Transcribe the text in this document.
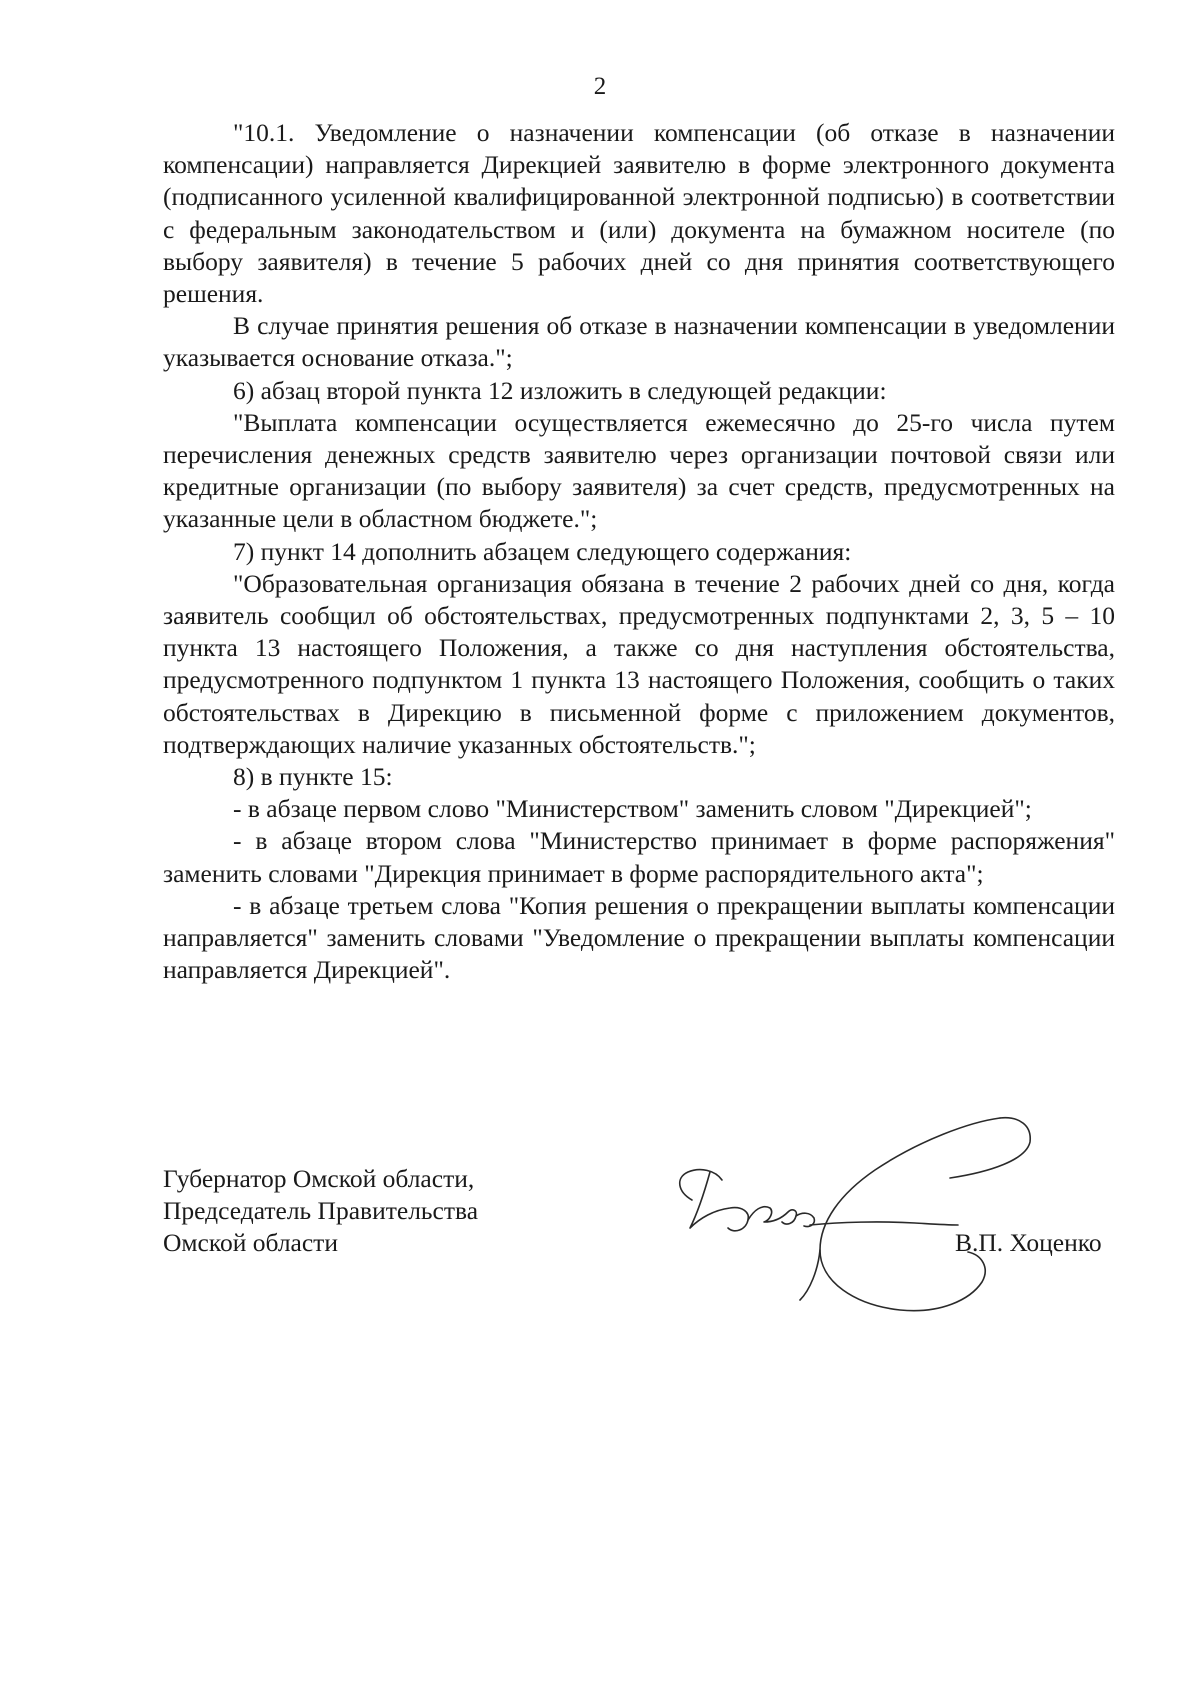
2

"10.1. Уведомление о назначении компенсации (об отказе в назначении компенсации) направляется Дирекцией заявителю в форме электронного документа (подписанного усиленной квалифицированной электронной подписью) в соответствии с федеральным законодательством и (или) документа на бумажном носителе (по выбору заявителя) в течение 5 рабочих дней со дня принятия соответствующего решения.

В случае принятия решения об отказе в назначении компенсации в уведомлении указывается основание отказа.";

6) абзац второй пункта 12 изложить в следующей редакции:

"Выплата компенсации осуществляется ежемесячно до 25-го числа путем перечисления денежных средств заявителю через организации почтовой связи или кредитные организации (по выбору заявителя) за счет средств, предусмотренных на указанные цели в областном бюджете.";

7) пункт 14 дополнить абзацем следующего содержания:

"Образовательная организация обязана в течение 2 рабочих дней со дня, когда заявитель сообщил об обстоятельствах, предусмотренных подпунктами 2, 3, 5 – 10 пункта 13 настоящего Положения, а также со дня наступления обстоятельства, предусмотренного подпунктом 1 пункта 13 настоящего Положения, сообщить о таких обстоятельствах в Дирекцию в письменной форме с приложением документов, подтверждающих наличие указанных обстоятельств.";

8) в пункте 15:

- в абзаце первом слово "Министерством" заменить словом "Дирекцией";

- в абзаце втором слова "Министерство принимает в форме распоряжения" заменить словами "Дирекция принимает в форме распорядительного акта";

- в абзаце третьем слова "Копия решения о прекращении выплаты компенсации направляется" заменить словами "Уведомление о прекращении выплаты компенсации направляется Дирекцией".

Губернатор Омской области,
Председатель Правительства
Омской области	В.П. Хоценко
